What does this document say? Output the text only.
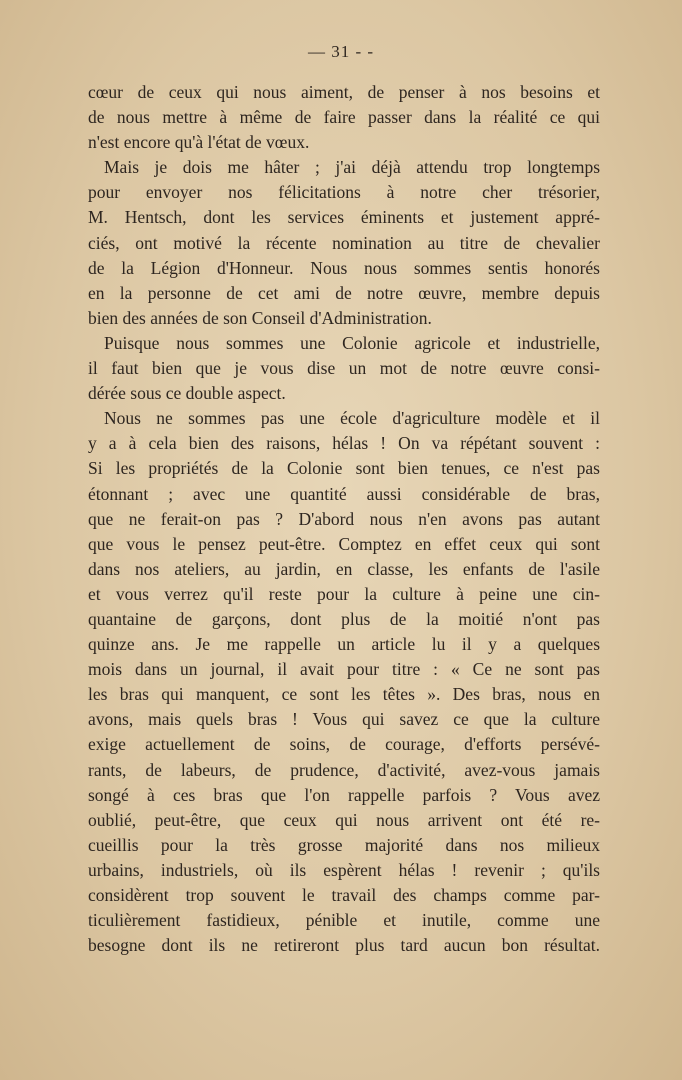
— 31 - -
cœur de ceux qui nous aiment, de penser à nos besoins et
de nous mettre à même de faire passer dans la réalité ce qui
n'est encore qu'à l'état de vœux.
Mais je dois me hâter ; j'ai déjà attendu trop longtemps
pour envoyer nos félicitations à notre cher trésorier,
M. Hentsch, dont les services éminents et justement appré-
ciés, ont motivé la récente nomination au titre de chevalier
de la Légion d'Honneur. Nous nous sommes sentis honorés
en la personne de cet ami de notre œuvre, membre depuis
bien des années de son Conseil d'Administration.
Puisque nous sommes une Colonie agricole et industrielle,
il faut bien que je vous dise un mot de notre œuvre consi-
dérée sous ce double aspect.
Nous ne sommes pas une école d'agriculture modèle et il
y a à cela bien des raisons, hélas ! On va répétant souvent :
Si les propriétés de la Colonie sont bien tenues, ce n'est pas
étonnant ; avec une quantité aussi considérable de bras,
que ne ferait-on pas ? D'abord nous n'en avons pas autant
que vous le pensez peut-être. Comptez en effet ceux qui sont
dans nos ateliers, au jardin, en classe, les enfants de l'asile
et vous verrez qu'il reste pour la culture à peine une cin-
quantaine de garçons, dont plus de la moitié n'ont pas
quinze ans. Je me rappelle un article lu il y a quelques
mois dans un journal, il avait pour titre : « Ce ne sont pas
les bras qui manquent, ce sont les têtes ». Des bras, nous en
avons, mais quels bras ! Vous qui savez ce que la culture
exige actuellement de soins, de courage, d'efforts persévé-
rants, de labeurs, de prudence, d'activité, avez-vous jamais
songé à ces bras que l'on rappelle parfois ? Vous avez
oublié, peut-être, que ceux qui nous arrivent ont été re-
cueillis pour la très grosse majorité dans nos milieux
urbains, industriels, où ils espèrent hélas ! revenir ; qu'ils
considèrent trop souvent le travail des champs comme par-
ticulièrement fastidieux, pénible et inutile, comme une
besogne dont ils ne retireront plus tard aucun bon résultat.
